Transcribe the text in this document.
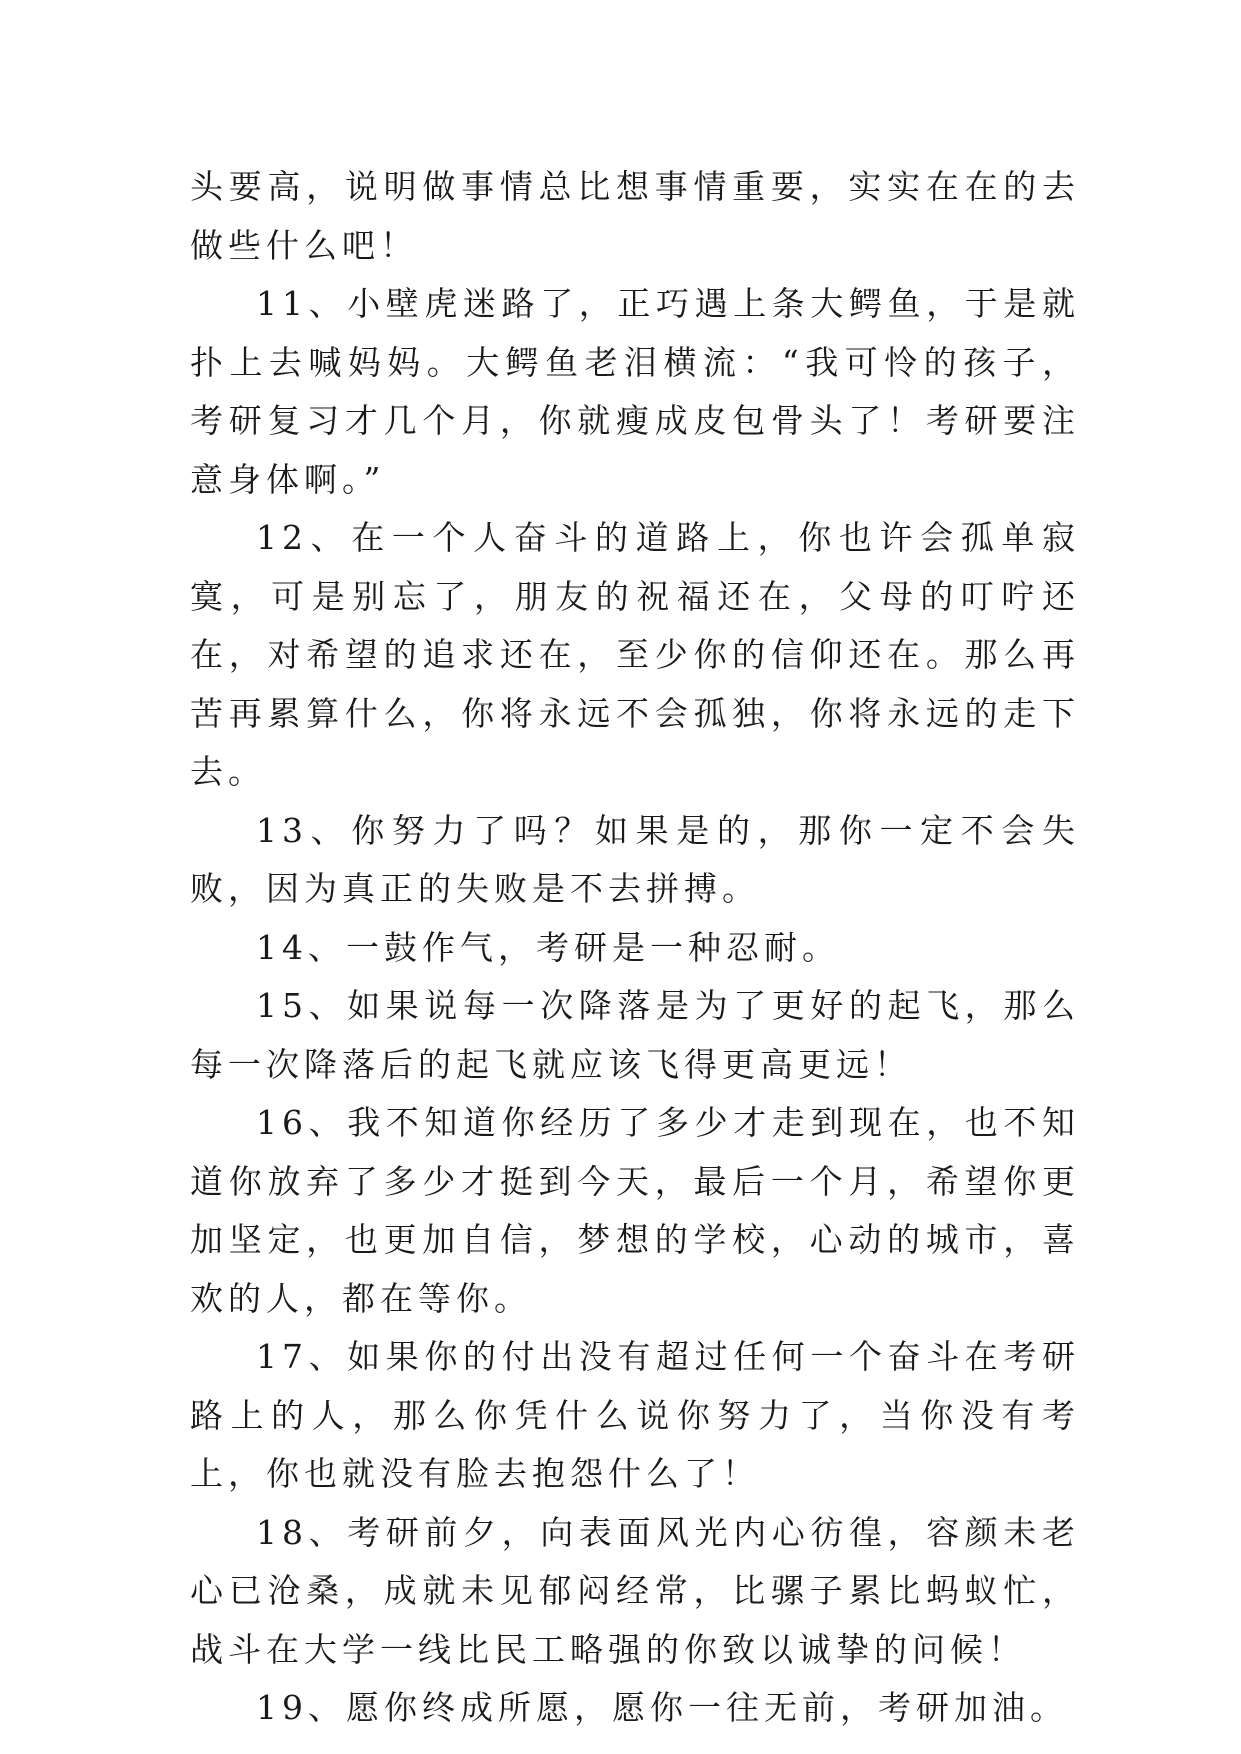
头要高，说明做事情总比想事情重要，实实在在的去做些什么吧！

11、小壁虎迷路了，正巧遇上条大鳄鱼，于是就扑上去喊妈妈。大鳄鱼老泪横流：“我可怜的孩子，考研复习才几个月，你就瘦成皮包骨头了！考研要注意身体啊。”

12、在一个人奋斗的道路上，你也许会孤单寂寞，可是别忘了，朋友的祝福还在，父母的叮咛还在，对希望的追求还在，至少你的信仰还在。那么再苦再累算什么，你将永远不会孤独，你将永远的走下去。

13、你努力了吗？如果是的，那你一定不会失败，因为真正的失败是不去拼搏。

14、一鼓作气，考研是一种忍耐。

15、如果说每一次降落是为了更好的起飞，那么每一次降落后的起飞就应该飞得更高更远！

16、我不知道你经历了多少才走到现在，也不知道你放弃了多少才挺到今天，最后一个月，希望你更加坚定，也更加自信，梦想的学校，心动的城市，喜欢的人，都在等你。

17、如果你的付出没有超过任何一个奋斗在考研路上的人，那么你凭什么说你努力了，当你没有考上，你也就没有脸去抱怨什么了！

18、考研前夕，向表面风光内心彷徨，容颜未老心已沧桑，成就未见郁闷经常，比骡子累比蚂蚁忙，战斗在大学一线比民工略强的你致以诚挚的问候！

19、愿你终成所愿，愿你一往无前，考研加油。
